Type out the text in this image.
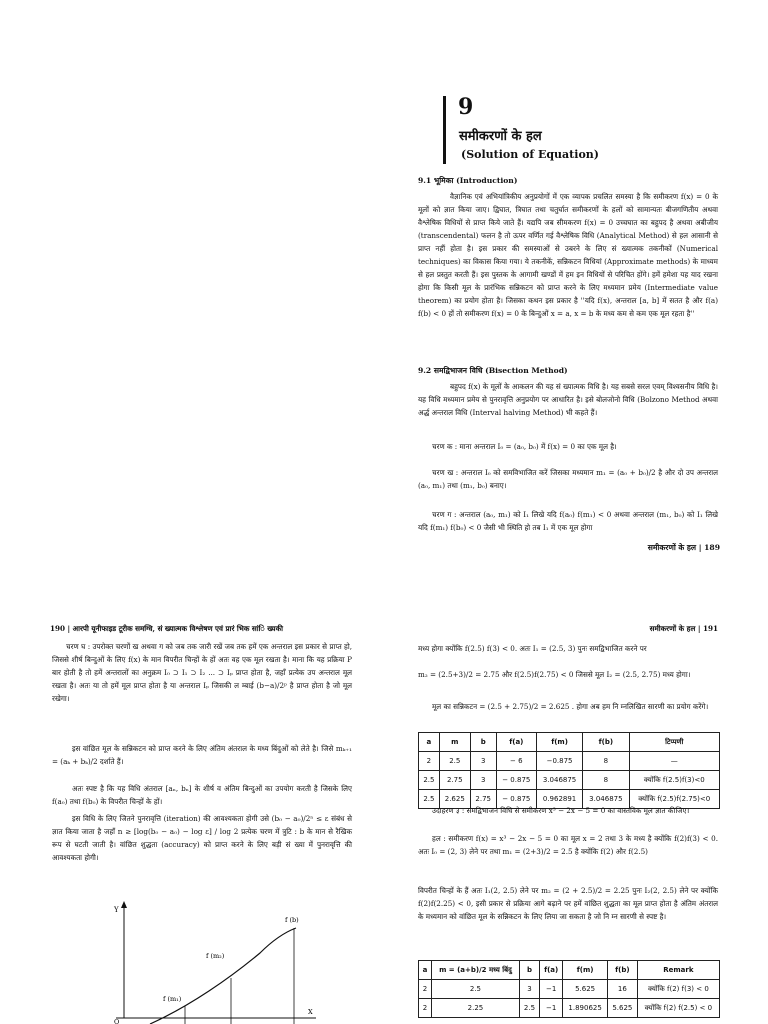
9
समीकरणों के हल
(Solution of Equation)
9.1 भूमिका (Introduction)
वैज्ञानिक एवं अभियांत्रिकीय अनुप्रयोगों में एक व्यापक प्रचलित समस्या है कि समीकरण f(x) = 0 के मूलों को ज्ञात किया जाए। द्विघात, त्रिघात तथा चतुर्घात समीकरणों के हलों को सामान्यतः बीजगणितीय अथवा वैश्लेषिक विधियों से प्राप्त किये जाते हैं। यद्यपि जब सीमकरण f(x) = 0 उच्चघात का बहुपद है अथवा अबीजीय (transcendental) फलन है तो ऊपर वर्णित गई वैश्लेषिक विधि (Analytical Method) से हल आसानी से प्राप्त नहीं होता है। इस प्रकार की समस्याओं से उबरने के लिए सं ख्यात्मक तकनीकों (Numerical techniques) का विकास किया गया। ये तकनीकें, सन्निकटन विधियां (Approximate methods) के माध्यम से हल प्रस्तुत करती हैं। इस पुस्तक के आगामी खण्डों में हम इन विधियों से परिचित होंगे। हमें हमेशा यह याद रखना होगा कि किसी मूल के प्रारंभिक सन्निकटन को प्राप्त करने के लिए मध्यमान प्रमेय (Intermediate value theorem) का प्रयोग होता है। जिसका कथन इस प्रकार है ''यदि f(x), अन्तराल [a, b] में सतत है और f(a) f(b) < 0 हों तो समीकरण f(x) = 0 के बिन्दुओं x = a, x = b के मध्य कम से कम एक मूल रहता है''
9.2 समद्विभाजन विधि (Bisection Method)
बहुपद f(x) के मूलों के आकलन की यह सं ख्यात्मक विधि है। यह सबसे सरल एवम् विश्वसनीय विधि है। यह विधि मध्यमान प्रमेय से पुनरावृत्ति अनुप्रयोग पर आधारित है। इसे बोलजोनो विधि (Bolzono Method अथवा अर्द्ध अन्तराल विधि (Interval halving Method) भी कहते हैं।
चरण क : माना अन्तराल I₀ = (a₀, b₀) में f(x) = 0 का एक मूल है।
चरण ख : अन्तराल I₀ को समविभाजित करें जिसका मध्यमान m₁ = (a₀ + b₀)/2 है और दो उप अन्तराल (a₀, m₁) तथा (m₁, b₀) बनाए।
चरण ग : अन्तराल (a₀, m₁) को I₁ लिखे यदि f(a₀) f(m₁) < 0 अथवा अन्तराल (m₁, b₀) को I₁ लिखे यदि f(m₁) f(b₀) < 0 जैसी भी स्थिति हो तब I₁ में एक मूल होगा
समीकरणों के हल | 189
190 | आरपी यूनीफाइड टूरीक समग्धि, सं ख्यात्मक विश्लेषण एवं प्रारं भिक सांि ख्यकी
चरण घ : उपरोक्त चरणों ख अथवा ग को जब तक जारी रखें जब तक हमें एक अन्तराल इस प्रकार से प्राप्त हो, जिससे शीर्ष बिन्दुओं के लिए f(x) के मान विपरीत चिन्हों के हों अतः वह एक मूल रखता है। माना कि यह प्रक्रिया P बार होती है तो हमें अन्तरालों का अनुक्रम I₀ ⊃ I₁ ⊃ I₂ ... ⊃ Iₚ प्राप्त होता है, जहाँ प्रत्येक उप अन्तराल मूल रखता है। अतः या तो हमें मूल प्राप्त होता है या अन्तराल Iₚ जिसकी ल म्बाई (b−a)/2ᵖ है प्राप्त होता है जो मूल रखेगा।
इस वांछित मूल के सन्निकटन को प्राप्त करने के लिए अंतिम अंतराल के मध्य बिंदुओं को लेते है। जिसे mₖ₊₁ = (aₖ + bₖ)/2 दर्शाते हैं।
अतः स्पष्ट है कि यह विधि अंतराल [aₙ, bₙ] के शीर्ष व अंतिम बिन्दुओं का उपयोग करती है जिसके लिए f(a₀) तथा f(b₀) के विपरीत चिन्हों के हों।
इस विधि के लिए जितने पुनरावृत्ति (iteration) की आवश्यकता होगी उसे (b₀ − a₀)/2ⁿ ≤ ε संबंध से ज्ञात किया जाता है जहाँ n ≥ [log(b₀ − a₀) − log ε] / log 2 प्रत्येक चरण में त्रुटि : b के मान से रैखिक रूप से घटती जाती है। वांछित शुद्धता (accuracy) को प्राप्त करने के लिए बड़ी सं ख्या में पुनरावृत्ति की आवश्यकता होगी।
Y
f (b)
f (m₂)
f (m₁)
O
X
समीकरणों के हल | 191
मध्य होगा क्योंकि f(2.5) f(3) < 0. अतः I₁ = (2.5, 3) पुनः समद्विभाजित करने पर
m₂ = (2.5+3)/2 = 2.75 और f(2.5)f(2.75) < 0 जिससे मूल I₂ = (2.5, 2.75) मध्य होगा।
मूल का सन्निकटन = (2.5 + 2.75)/2 = 2.625 . होगा अब हम नि म्नलिखित सारणी का प्रयोग करेंगे।
a	m	b	f(a)	f(m)	f(b)	टिप्पणी
2	2.5	3	− 6	−0.875	8	—
2.5	2.75	3	− 0.875	3.046875	8	क्योंकि f(2.5)f(3)<0
2.5	2.625	2.75	− 0.875	0.962891	3.046875	क्योंकि f(2.5)f(2.75)<0
उदाहरण ३ : समद्विभाजन विधि से समीकरण x³ − 2x − 5 = 0 का वास्तविक मूल ज्ञात कीजिए।
हल : समीकरण f(x) = x³ − 2x − 5 = 0 का मूल x = 2 तथा 3 के मध्य है क्योंकि f(2)f(3) < 0. अतः I₀ = (2, 3) लेने पर तथा m₁ = (2+3)/2 = 2.5 है क्योंकि f(2) और f(2.5)
विपरीत चिन्हों के हैं अतः I₁(2, 2.5) लेने पर m₂ = (2 + 2.5)/2 = 2.25 पुनः I₂(2, 2.5) लेने पर क्योंकि f(2)f(2.25) < 0, इसी प्रकार से प्रक्रिया आगे बढ़ाने पर हमें वांछित शुद्धता का मूल प्राप्त होता है अंतिम अंतराल के मध्यमान को वांछित मूल के सन्निकटन के लिए लिया जा सकता है जो नि म्न सारणी से स्पष्ट है।
a	m = (a+b)/2 मध्य बिंदु	b	f(a)	f(m)	f(b)	Remark
2	2.5	3	−1	5.625	16	क्योंकि f(2) f(3) < 0
2	2.25	2.5	−1	1.890625	5.625	क्योंकि f(2) f(2.5) < 0
